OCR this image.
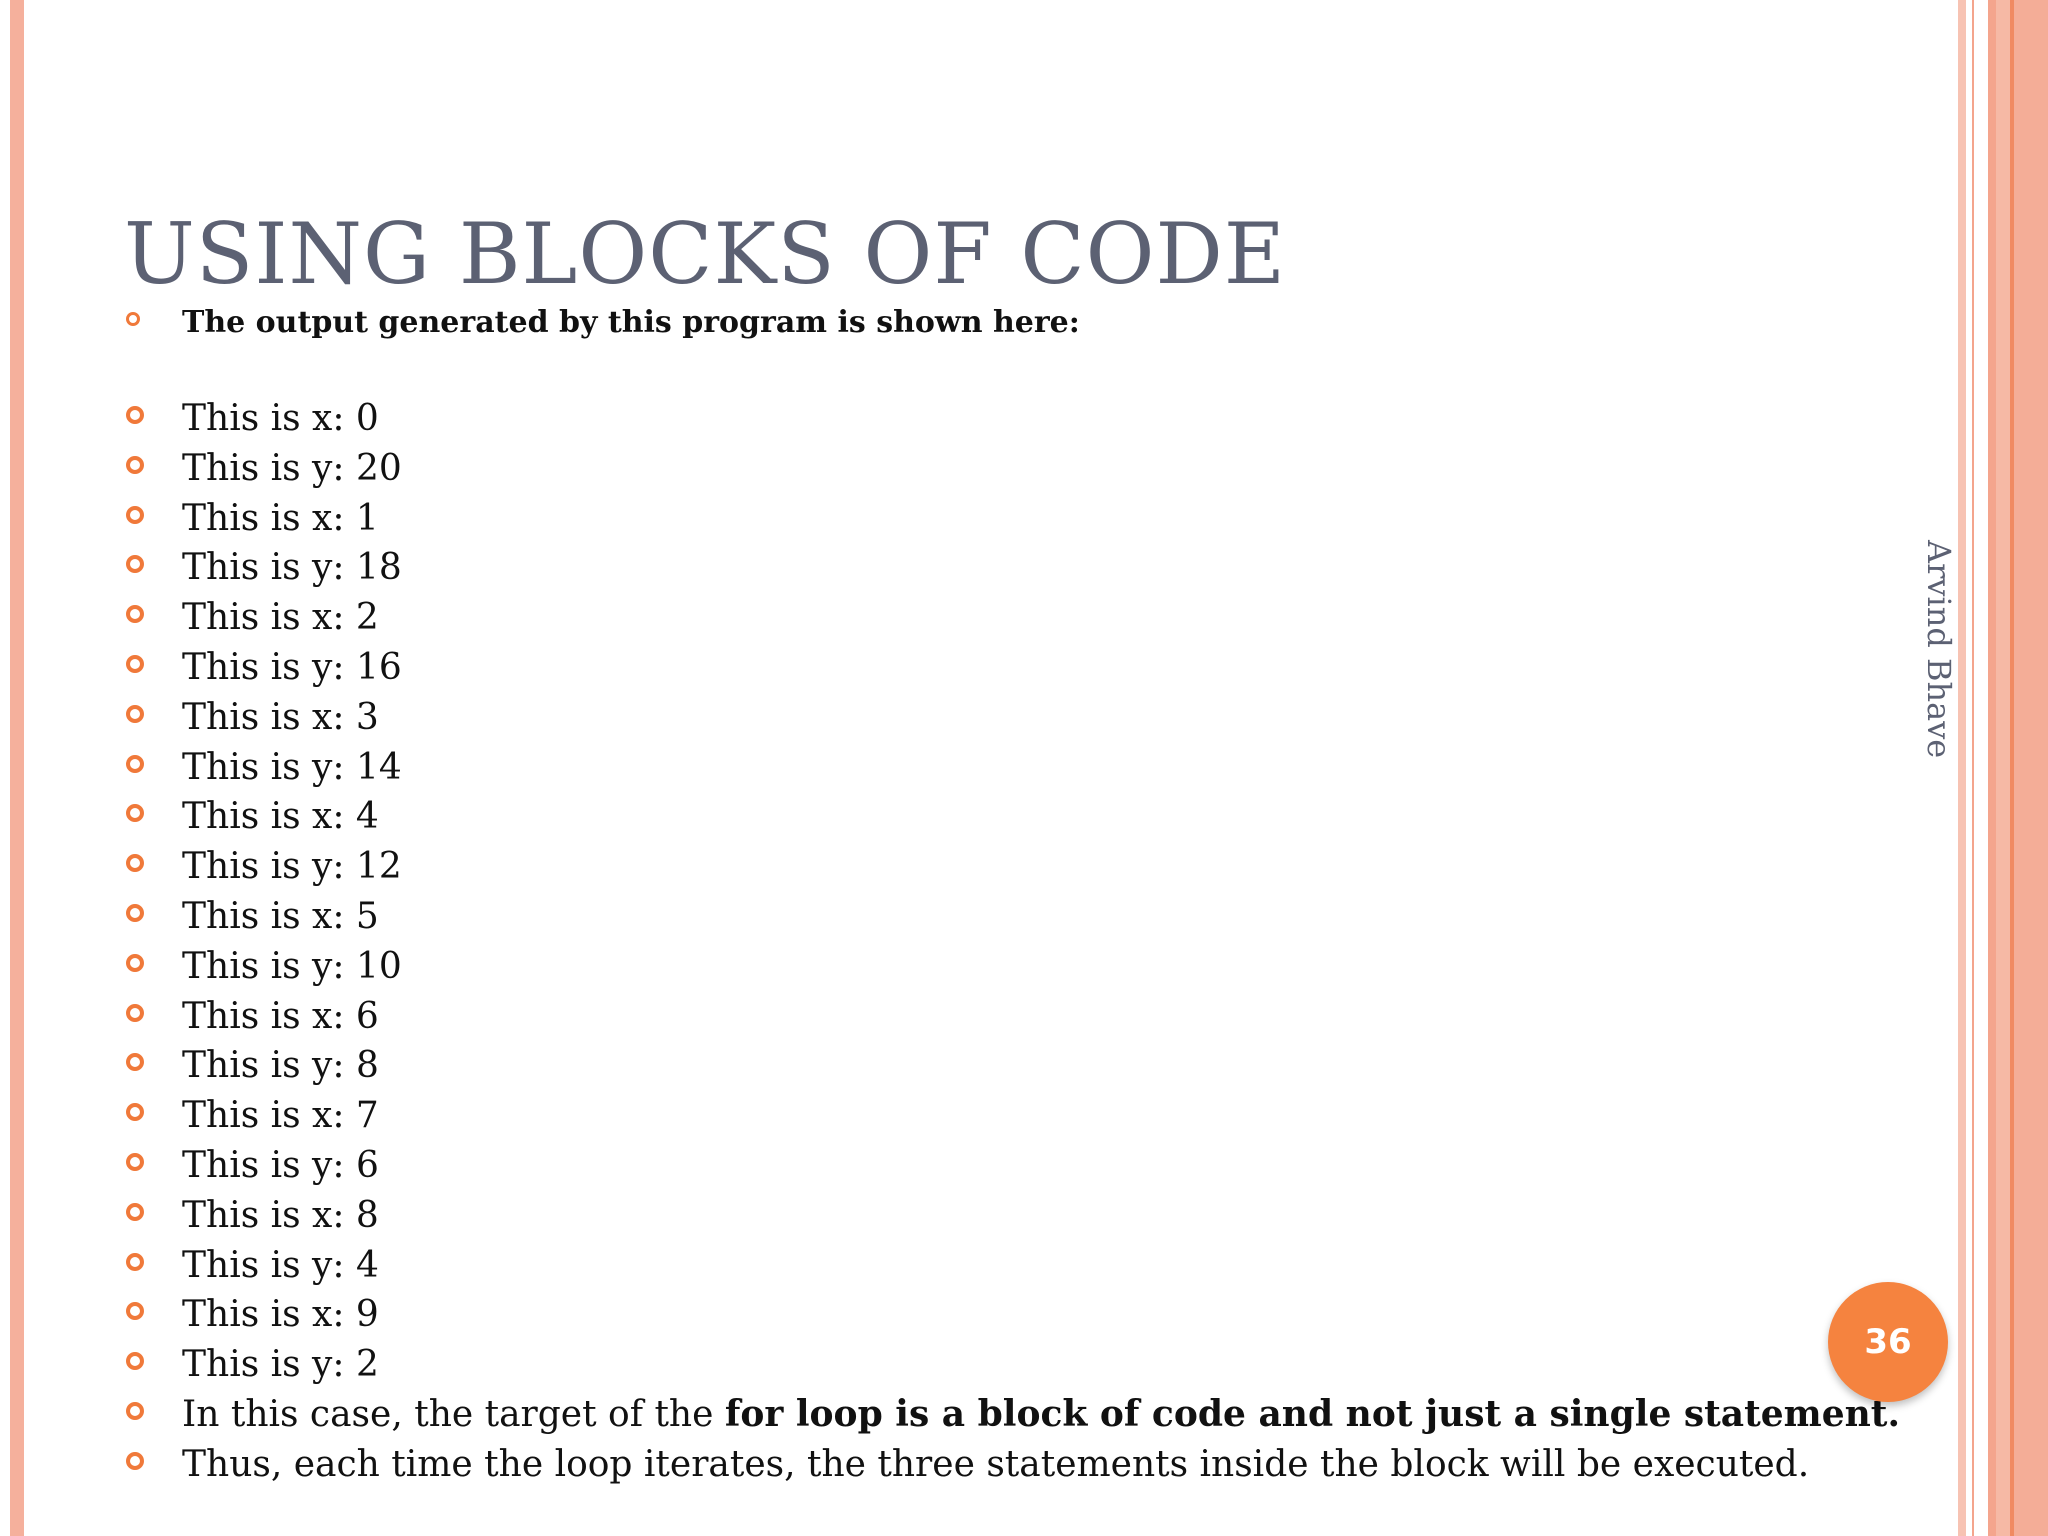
USING BLOCKS OF CODE
The output generated by this program is shown here:
This is x: 0
This is y: 20
This is x: 1
This is y: 18
This is x: 2
This is y: 16
This is x: 3
This is y: 14
This is x: 4
This is y: 12
This is x: 5
This is y: 10
This is x: 6
This is y: 8
This is x: 7
This is y: 6
This is x: 8
This is y: 4
This is x: 9
This is y: 2
In this case, the target of the for loop is a block of code and not just a single statement.
Thus, each time the loop iterates, the three statements inside the block will be executed.
Arvind Bhave
36
